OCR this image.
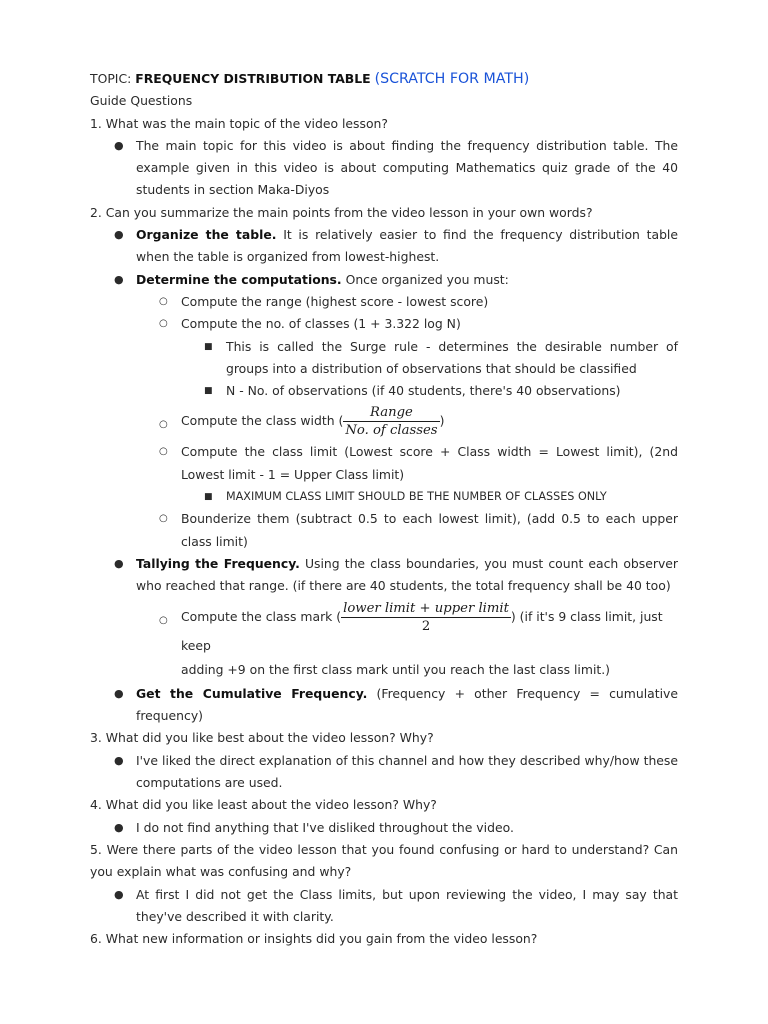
TOPIC: FREQUENCY DISTRIBUTION TABLE (SCRATCH FOR MATH)
Guide Questions
1. What was the main topic of the video lesson?
● The main topic for this video is about finding the frequency distribution table. The example given in this video is about computing Mathematics quiz grade of the 40 students in section Maka-Diyos
2. Can you summarize the main points from the video lesson in your own words?
● Organize the table. It is relatively easier to find the frequency distribution table when the table is organized from lowest-highest.
● Determine the computations. Once organized you must:
○ Compute the range (highest score - lowest score)
○ Compute the no. of classes (1 + 3.322 log N)
■ This is called the Surge rule - determines the desirable number of groups into a distribution of observations that should be classified
■ N - No. of observations (if 40 students, there's 40 observations)
○ Compute the class width ( $\frac{\text{Range}}{\text{No. of classes}}$ )
○ Compute the class limit (Lowest score + Class width = Lowest limit), (2nd Lowest limit - 1 = Upper Class limit)
■ MAXIMUM CLASS LIMIT SHOULD BE THE NUMBER OF CLASSES ONLY
○ Bounderize them (subtract 0.5 to each lowest limit), (add 0.5 to each upper class limit)
● Tallying the Frequency. Using the class boundaries, you must count each observer who reached that range. (if there are 40 students, the total frequency shall be 40 too)
○ Compute the class mark ( $\frac{\text{lower limit + upper limit}}{2}$ ) (if it's 9 class limit, just keep
adding +9 on the first class mark until you reach the last class limit.)
● Get the Cumulative Frequency. (Frequency + other Frequency = cumulative frequency)
3. What did you like best about the video lesson? Why?
● I've liked the direct explanation of this channel and how they described why/how these computations are used.
4. What did you like least about the video lesson? Why?
● I do not find anything that I've disliked throughout the video.
5. Were there parts of the video lesson that you found confusing or hard to understand? Can you explain what was confusing and why?
● At first I did not get the Class limits, but upon reviewing the video, I may say that they've described it with clarity.
6. What new information or insights did you gain from the video lesson?
